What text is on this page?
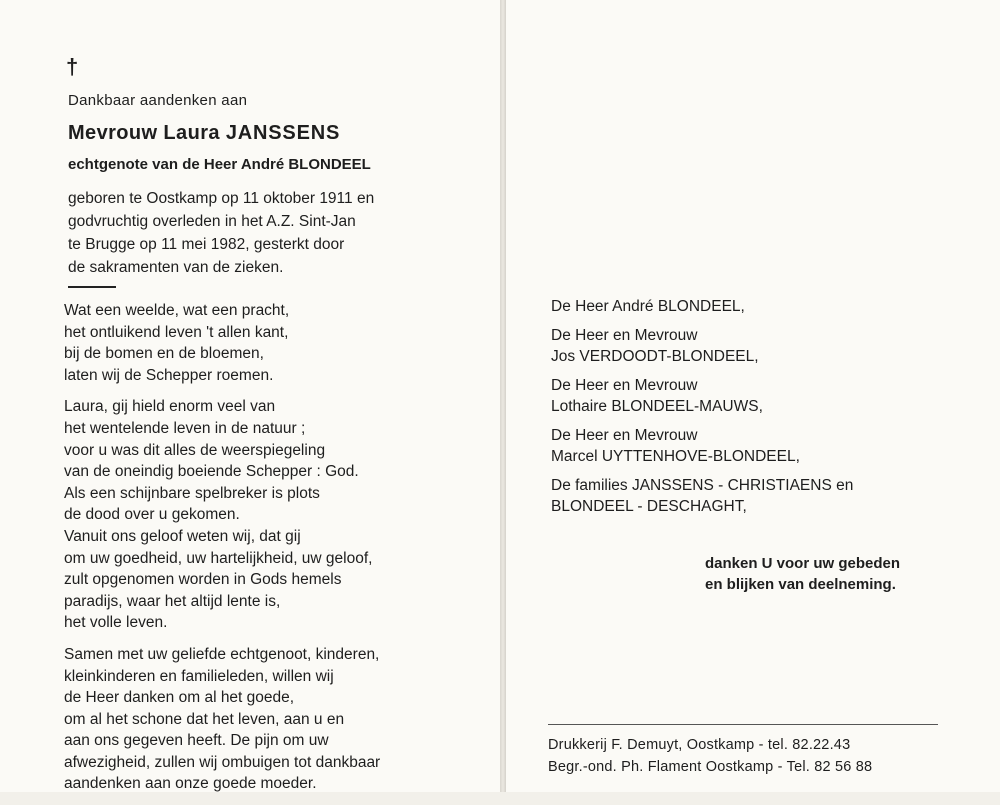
†
Dankbaar aandenken aan
Mevrouw Laura JANSSENS
echtgenote van de Heer André BLONDEEL
geboren te Oostkamp op 11 oktober 1911 en
godvruchtig overleden in het A.Z. Sint-Jan
te Brugge op 11 mei 1982, gesterkt door
de sakramenten van de zieken.
Wat een weelde, wat een pracht,
het ontluikend leven 't allen kant,
bij de bomen en de bloemen,
laten wij de Schepper roemen.
Laura, gij hield enorm veel van
het wentelende leven in de natuur ;
voor u was dit alles de weerspiegeling
van de oneindig boeiende Schepper : God.
Als een schijnbare spelbreker is plots
de dood over u gekomen.
Vanuit ons geloof weten wij, dat gij
om uw goedheid, uw hartelijkheid, uw geloof,
zult opgenomen worden in Gods hemels
paradijs, waar het altijd lente is,
het volle leven.
Samen met uw geliefde echtgenoot, kinderen,
kleinkinderen en familieleden, willen wij
de Heer danken om al het goede,
om al het schone dat het leven, aan u en
aan ons gegeven heeft. De pijn om uw
afwezigheid, zullen wij ombuigen tot dankbaar
aandenken aan onze goede moeder.
De Heer André BLONDEEL,
De Heer en Mevrouw
Jos VERDOODT-BLONDEEL,
De Heer en Mevrouw
Lothaire BLONDEEL-MAUWS,
De Heer en Mevrouw
Marcel UYTTENHOVE-BLONDEEL,
De families JANSSENS - CHRISTIAENS en
BLONDEEL - DESCHAGHT,
danken U voor uw gebeden
en blijken van deelneming.
Drukkerij F. Demuyt, Oostkamp - tel. 82.22.43
Begr.-ond. Ph. Flament Oostkamp - Tel. 82 56 88
